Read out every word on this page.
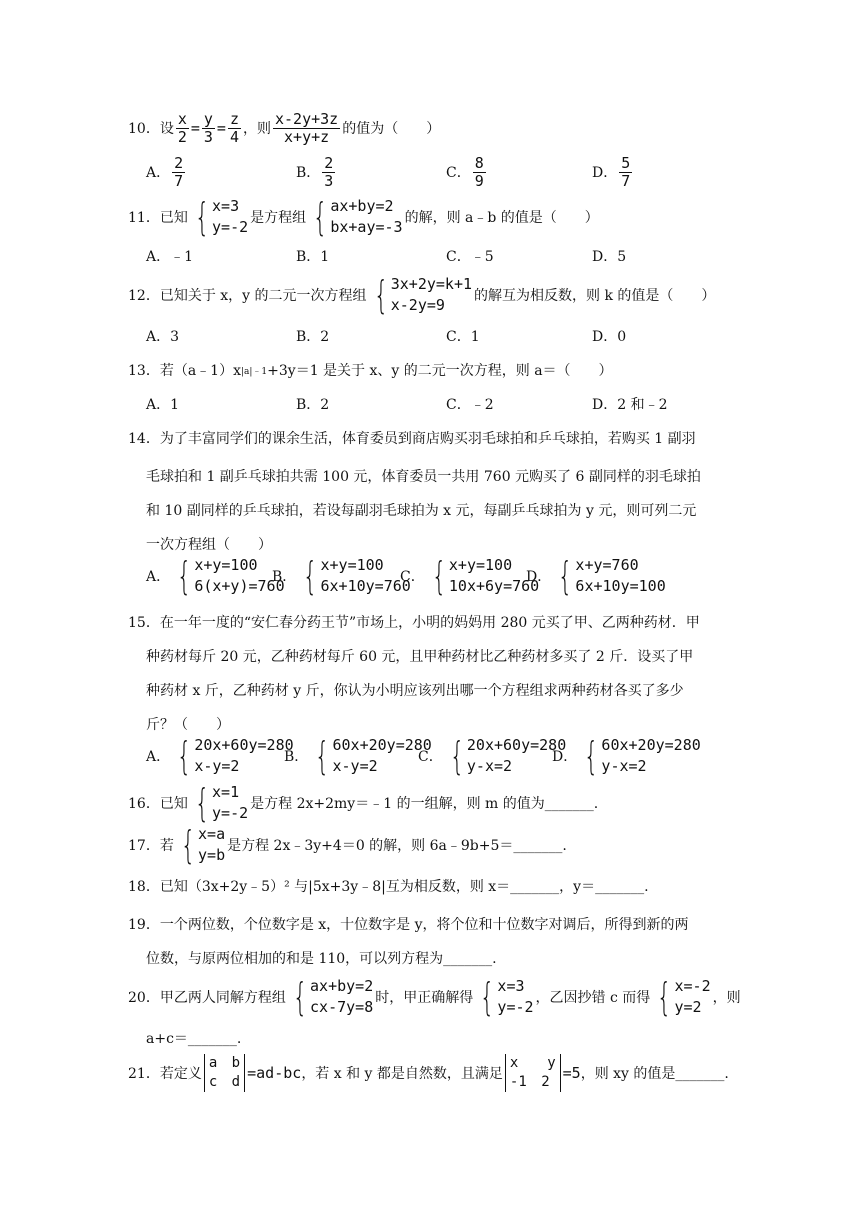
10． 设 $\frac{x}{2} = \frac{y}{3} = \frac{z}{4}$ ，则 $\frac{x-2y+3z}{x+y+z}$ 的值为（　　）
A． $\frac{2}{7}$	B． $\frac{2}{3}$	C． $\frac{8}{9}$	D． $\frac{5}{7}$
11． 已知 { x=3
y=-2 是方程组 { ax+by=2
bx+ay=-3 的解，则 a﹣b 的值是（　　）
A．﹣1	B．1	C．﹣5	D．5
12． 已知关于 x，y 的二元一次方程组 { 3x+2y=k+1
x-2y=9	的解互为相反数，则 k 的值是（　　）
A．3	B．2	C．1	D．0
13． 若（a﹣1）x |a|﹣1 +3y＝1 是关于 x、y 的二元一次方程，则 a＝（　　）
A．1	B．2	C．﹣2	D．2 和﹣2
14． 为了丰富同学们的课余生活，体育委员到商店购买羽毛球拍和乒乓球拍，若购买 1 副羽
毛球拍和 1 副乒乓球拍共需 100 元，体育委员一共用 760 元购买了 6 副同样的羽毛球拍
和 10 副同样的乒乓球拍，若设每副羽毛球拍为 x 元，每副乒乓球拍为 y 元，则可列二元
一次方程组（　　）
A． { x+y=100
6(x+y)=760
B． { x+y=100
6x+10y=760
C． { x+y=100
10x+6y=760
D． { x+y=760
6x+10y=100
15． 在一年一度的“安仁春分药王节”市场上，小明的妈妈用 280 元买了甲、乙两种药材．甲
种药材每斤 20 元，乙种药材每斤 60 元，且甲种药材比乙种药材多买了 2 斤．设买了甲
种药材 x 斤，乙种药材 y 斤，你认为小明应该列出哪一个方程组求两种药材各买了多少
斤？（　　）
A． { 20x+60y=280
x-y=2	B． { 60x+20y=280
x-y=2	C． { 20x+60y=280
y-x=2	D． { 60x+20y=280
y-x=2
16． 已知 { x=1
y=-2 是方程 2x+2my＝﹣1 的一组解，则 m 的值为_______.
17． 若 { x=a
y=b 是方程 2x﹣3y+4＝0 的解，则 6a﹣9b+5＝_______.
18． 已知（3x+2y﹣5）² 与|5x+3y﹣8|互为相反数，则 x＝_______，y＝_______.
19． 一个两位数，个位数字是 x，十位数字是 y，将个位和十位数字对调后，所得到新的两
位数，与原两位相加的和是 110，可以列方程为_______.
20． 甲乙两人同解方程组 { ax+by=2
cx-7y=8 时，甲正确解得 { x=3
y=-2 ，乙因抄错 c 而得 { x=-2
y=2 ，则
a+c＝_______.
21． 若定义
a b
c d =ad-bc ，若 x 和 y 都是自然数，且满足
x  y
-1 2 =5 ，则 xy 的值是_______.
